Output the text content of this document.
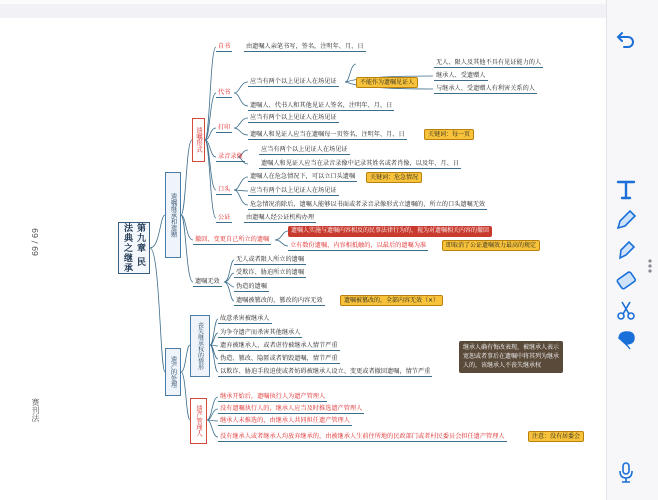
69 / 69
赛刊法
第九章 民法典之继承
遗嘱继承和遗赠
遗产的处理
遗嘱形式
自书	由遗嘱人亲笔书写，签名，注明年、月、日
代书
应当有两个以上见证人在场见证
遗嘱人、代书人和其他见证人签名，注明年、月、日
不能作为遗嘱见证人
无人、限人及其他不具有见证能力的人
继承人、受遗赠人
与继承人、受遗赠人有利害关系的人
打印
应当有两个以上见证人在场见证
遗嘱人和见证人应当在遗嘱每一页签名，注明年、月、日	关键词：每一页
录音录像
应当有两个以上见证人在场见证
遗嘱人和见证人应当在录音录像中记录其姓名或者肖像，以及年、月、日
口头
遗嘱人在危急情况下，可以立口头遗嘱	关键词：危急情况
应当有两个以上见证人在场见证
危急情况消除后，遗嘱人能够以书面或者录音录像形式立遗嘱的，所立的口头遗嘱无效
公证	由遗嘱人经公证机构办理
撤回、变更自己所立的遗嘱
遗嘱人实施与遗嘱内容相反的民事法律行为的，视为对遗嘱相关内容的撤回
立有数份遗嘱，内容相抵触的，以最后的遗嘱为准	即取消了公证遗嘱效力最高的规定
遗嘱无效
无人或者限人所立的遗嘱
受欺诈、胁迫所立的遗嘱
伪造的遗嘱
遗嘱被篡改的，篡改的内容无效	遗嘱被篡改的，全部内容无效（×）
丧失继承权的情形
故意杀害被继承人
为争夺遗产而杀害其他继承人
遗弃被继承人，或者虐待被继承人情节严重
伪造、篡改、隐匿或者销毁遗嘱，情节严重
以欺诈、胁迫手段迫使或者妨碍被继承人设立、变更或者撤回遗嘱，情节严重
继承人确有悔改表现，被继承人表示宽恕或者事后在遗嘱中将其列为继承人的，该继承人不丧失继承权
遗产管理人
继承开始后，遗嘱执行人为遗产管理人
没有遗嘱执行人的，继承人应当及时推选遗产管理人
继承人未推选的，由继承人共同担任遗产管理人
没有继承人或者继承人均放弃继承的，由被继承人生前住所地的民政部门或者村民委员会担任遗产管理人	注意：没有居委会
